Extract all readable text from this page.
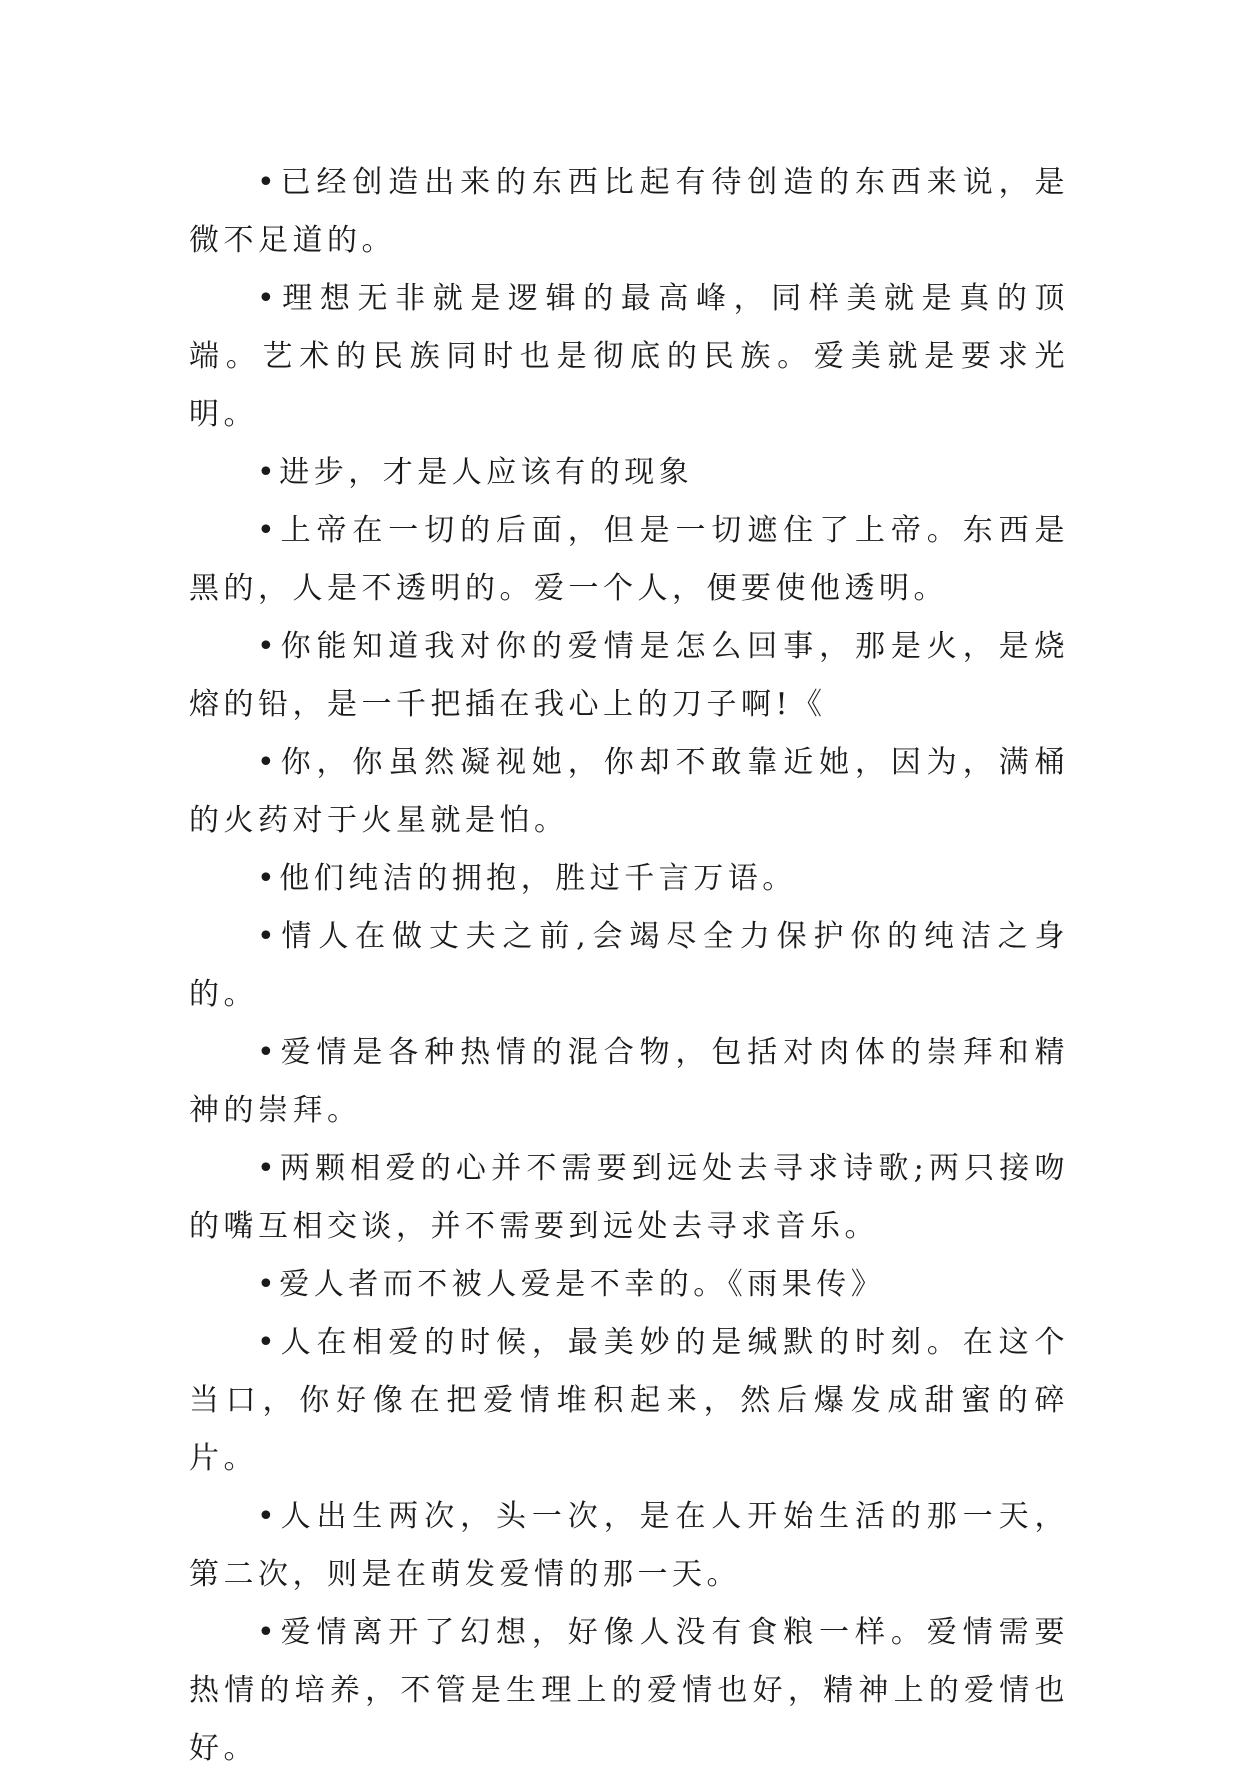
•已经创造出来的东西比起有待创造的东西来说，是微不足道的。

•理想无非就是逻辑的最高峰，同样美就是真的顶端。艺术的民族同时也是彻底的民族。爱美就是要求光明。

•进步，才是人应该有的现象

•上帝在一切的后面，但是一切遮住了上帝。东西是黑的，人是不透明的。爱一个人，便要使他透明。

•你能知道我对你的爱情是怎么回事，那是火，是烧熔的铅，是一千把插在我心上的刀子啊!《

•你，你虽然凝视她，你却不敢靠近她，因为，满桶的火药对于火星就是怕。

•他们纯洁的拥抱，胜过千言万语。

•情人在做丈夫之前,会竭尽全力保护你的纯洁之身的。

•爱情是各种热情的混合物，包括对肉体的崇拜和精神的崇拜。

•两颗相爱的心并不需要到远处去寻求诗歌;两只接吻的嘴互相交谈，并不需要到远处去寻求音乐。

•爱人者而不被人爱是不幸的。《雨果传》

•人在相爱的时候，最美妙的是缄默的时刻。在这个当口，你好像在把爱情堆积起来，然后爆发成甜蜜的碎片。

•人出生两次，头一次，是在人开始生活的那一天，第二次，则是在萌发爱情的那一天。

•爱情离开了幻想，好像人没有食粮一样。爱情需要热情的培养，不管是生理上的爱情也好，精神上的爱情也好。
